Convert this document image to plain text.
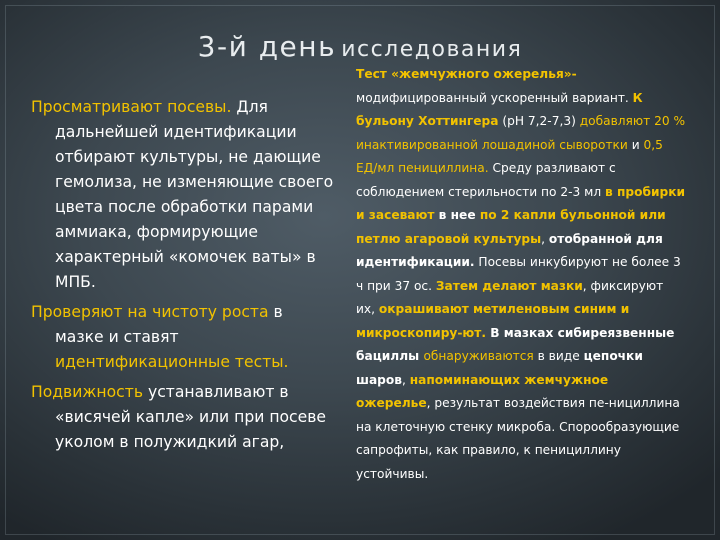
3-й день исследования

Просматривают посевы. Для дальнейшей идентификации отбирают культуры, не дающие гемолиза, не изменяющие своего цвета после обработки парами аммиака, формирующие характерный «комочек ваты» в МПБ.

Проверяют на чистоту роста в мазке и ставят идентификационные тесты.

Подвижность устанавливают в «висячей капле» или при посеве уколом в полужидкий агар,

Тест «жемчужного ожерелья»- модифицированный ускоренный вариант. К бульону Хоттингера (рН 7,2-7,3) добавляют 20 % инактивированной лошадиной сыворотки и 0,5 ЕД/мл пенициллина. Среду разливают с соблюдением стерильности по 2-3 мл в пробирки и засевают в нее по 2 капли бульонной или петлю агаровой культуры, отобранной для идентификации. Посевы инкубируют не более 3 ч при 37 ос. Затем делают мазки, фиксируют их, окрашивают метиленовым синим и микроскопиру-ют. В мазках сибиреязвенные бациллы обнаруживаются в виде цепочки шаров, напоминающих жемчужное ожерелье, результат воздействия пе-нициллина на клеточную стенку микроба. Спорообразующие сапрофиты, как правило, к пенициллину устойчивы.
